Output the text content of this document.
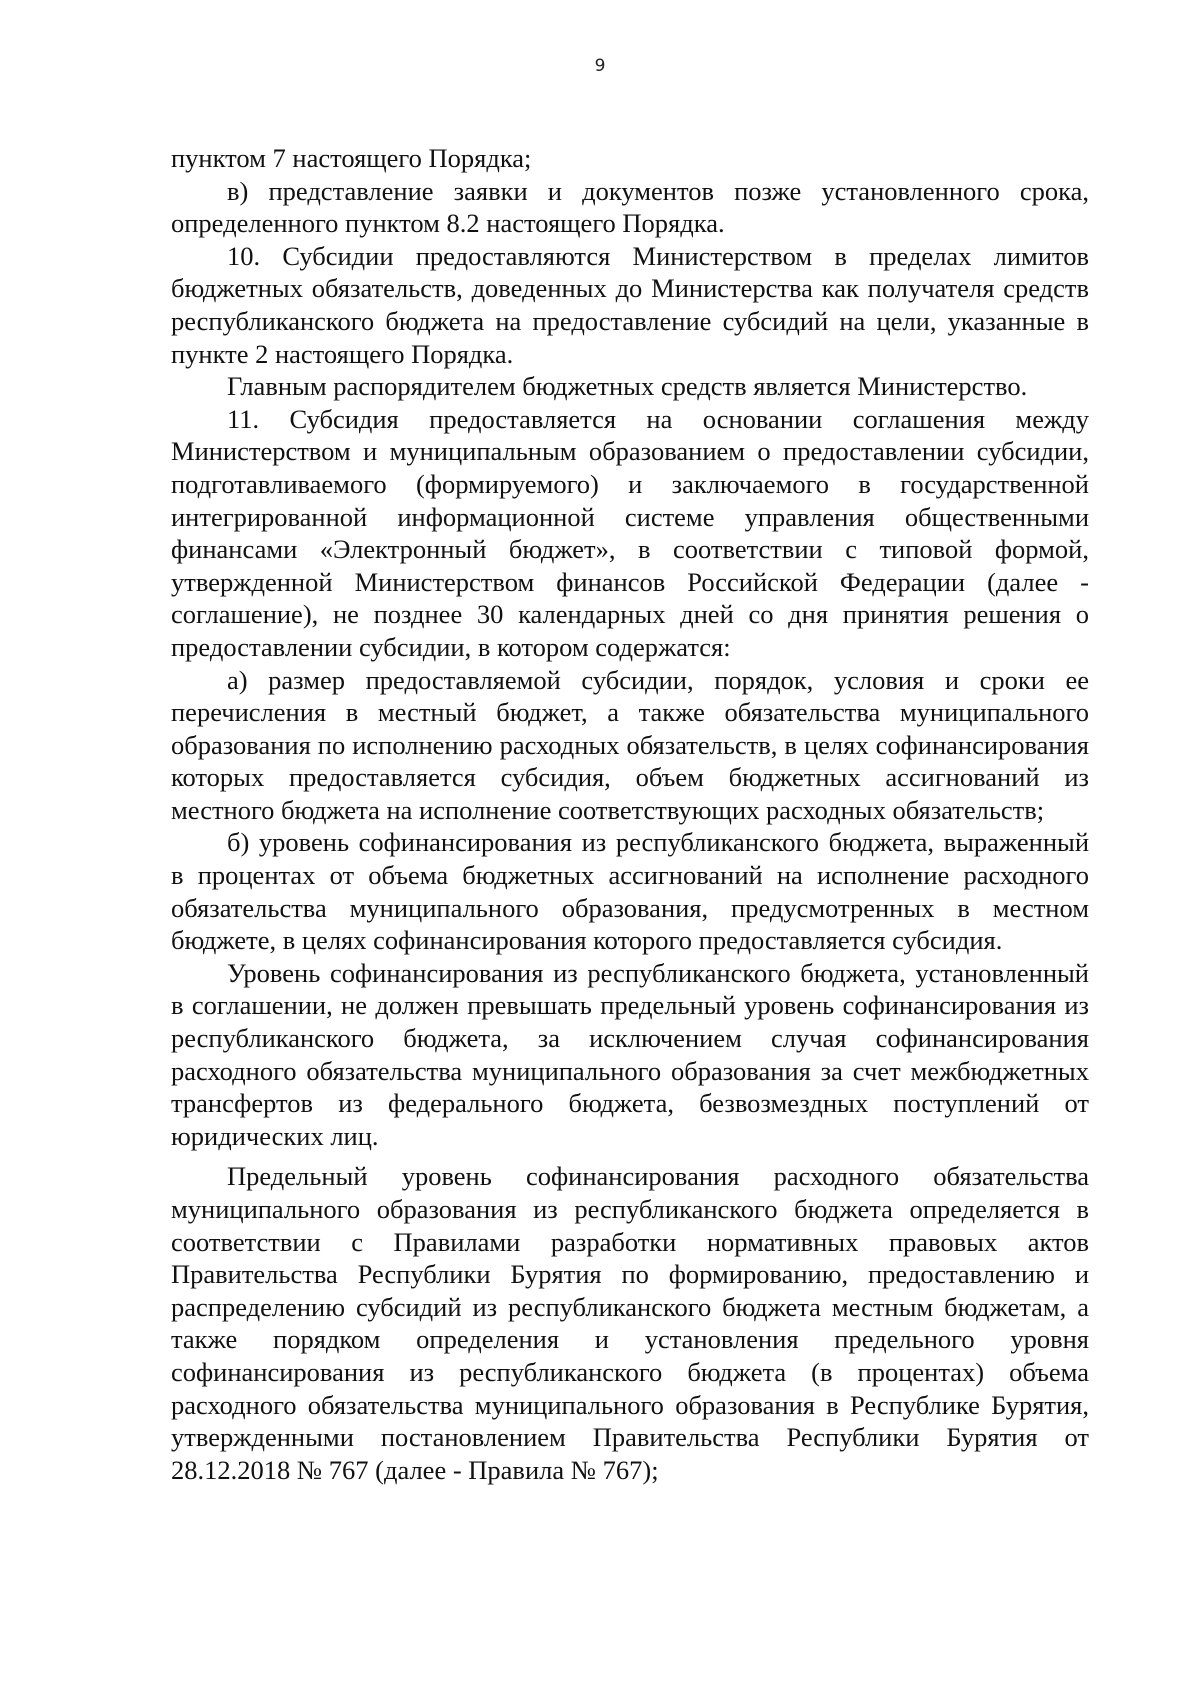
9

пунктом 7 настоящего Порядка;

в) представление заявки и документов позже установленного срока, определенного пунктом 8.2 настоящего Порядка.

10. Субсидии предоставляются Министерством в пределах лимитов бюджетных обязательств, доведенных до Министерства как получателя средств республиканского бюджета на предоставление субсидий на цели, указанные в пункте 2 настоящего Порядка.

Главным распорядителем бюджетных средств является Министерство.

11. Субсидия предоставляется на основании соглашения между Министерством и муниципальным образованием о предоставлении субсидии, подготавливаемого (формируемого) и заключаемого в государственной интегрированной информационной системе управления общественными финансами «Электронный бюджет», в соответствии с типовой формой, утвержденной Министерством финансов Российской Федерации (далее - соглашение), не позднее 30 календарных дней со дня принятия решения о предоставлении субсидии, в котором содержатся:

а) размер предоставляемой субсидии, порядок, условия и сроки ее перечисления в местный бюджет, а также обязательства муниципального образования по исполнению расходных обязательств, в целях софинансирования которых предоставляется субсидия, объем бюджетных ассигнований из местного бюджета на исполнение соответствующих расходных обязательств;

б) уровень софинансирования из республиканского бюджета, выраженный в процентах от объема бюджетных ассигнований на исполнение расходного обязательства муниципального образования, предусмотренных в местном бюджете, в целях софинансирования которого предоставляется субсидия.

Уровень софинансирования из республиканского бюджета, установленный в соглашении, не должен превышать предельный уровень софинансирования из республиканского бюджета, за исключением случая софинансирования расходного обязательства муниципального образования за счет межбюджетных трансфертов из федерального бюджета, безвозмездных поступлений от юридических лиц.

Предельный уровень софинансирования расходного обязательства муниципального образования из республиканского бюджета определяется в соответствии с Правилами разработки нормативных правовых актов Правительства Республики Бурятия по формированию, предоставлению и распределению субсидий из республиканского бюджета местным бюджетам, а также порядком определения и установления предельного уровня софинансирования из республиканского бюджета (в процентах) объема расходного обязательства муниципального образования в Республике Бурятия, утвержденными постановлением Правительства Республики Бурятия от 28.12.2018 № 767 (далее - Правила № 767);
